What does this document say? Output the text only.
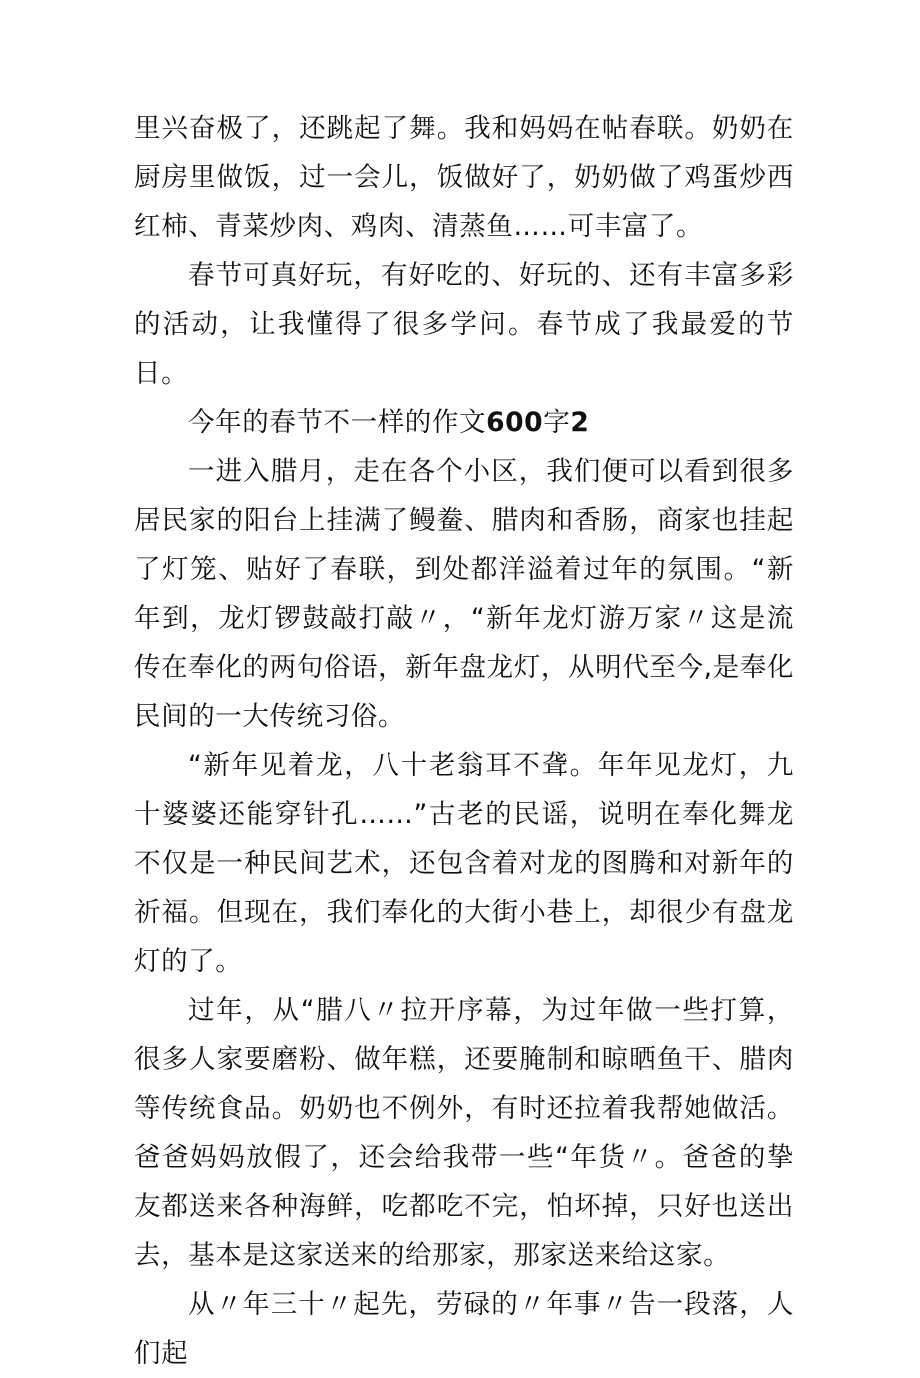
里兴奋极了，还跳起了舞。我和妈妈在帖春联。奶奶在厨房里做饭，过一会儿，饭做好了，奶奶做了鸡蛋炒西红柿、青菜炒肉、鸡肉、清蒸鱼……可丰富了。

春节可真好玩，有好吃的、好玩的、还有丰富多彩的活动，让我懂得了很多学问。春节成了我最爱的节日。

今年的春节不一样的作文600字2

一进入腊月，走在各个小区，我们便可以看到很多居民家的阳台上挂满了鳗鲞、腊肉和香肠，商家也挂起了灯笼、贴好了春联，到处都洋溢着过年的氛围。“新年到，龙灯锣鼓敲打敲〃，“新年龙灯游万家〃这是流传在奉化的两句俗语，新年盘龙灯，从明代至今,是奉化民间的一大传统习俗。

“新年见着龙，八十老翁耳不聋。年年见龙灯，九十婆婆还能穿针孔……”古老的民谣，说明在奉化舞龙不仅是一种民间艺术，还包含着对龙的图腾和对新年的祈福。但现在，我们奉化的大街小巷上，却很少有盘龙灯的了。

过年，从“腊八〃拉开序幕，为过年做一些打算，很多人家要磨粉、做年糕，还要腌制和晾晒鱼干、腊肉等传统食品。奶奶也不例外，有时还拉着我帮她做活。爸爸妈妈放假了，还会给我带一些“年货〃。爸爸的挚友都送来各种海鲜，吃都吃不完，怕坏掉，只好也送出去，基本是这家送来的给那家，那家送来给这家。

从〃年三十〃起先，劳碌的〃年事〃告一段落，人们起
